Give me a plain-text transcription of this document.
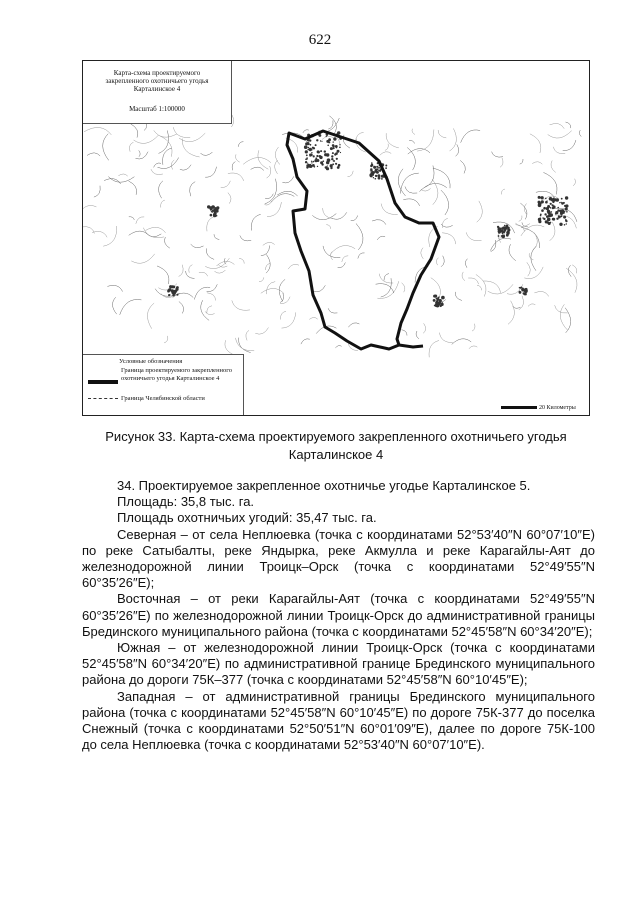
622
Карта-схема проектируемого
закрепленного охотничьего угодья
Карталинское 4
Масштаб 1:100000
Условные обозначения
Граница проектируемого закрепленного охотничьего угодья Карталинское 4
Граница Челябинской области
20 Километры
Рисунок 33. Карта-схема проектируемого закрепленного охотничьего угодья
Карталинское 4

34. Проектируемое закрепленное охотничье угодье Карталинское 5.

Площадь: 35,8 тыс. га.

Площадь охотничьих угодий: 35,47 тыс. га.

Северная – от села Неплюевка (точка с координатами 52°53′40″N 60°07′10″E) по реке Сатыбалты, реке Яндырка, реке Акмулла и реке Карагайлы-Аят до железнодорожной линии Троицк–Орск (точка с координатами 52°49′55″N 60°35′26″E);

Восточная – от реки Карагайлы-Аят (точка с координатами 52°49′55″N 60°35′26″E) по железнодорожной линии Троицк-Орск до административной границы Брединского муниципального района (точка с координатами 52°45′58″N 60°34′20″E);

Южная – от железнодорожной линии Троицк-Орск (точка с координатами 52°45′58″N 60°34′20″E) по административной границе Брединского муниципального района до дороги 75К–377 (точка с координатами 52°45′58″N 60°10′45″E);

Западная – от административной границы Брединского муниципального района (точка с координатами 52°45′58″N 60°10′45″E) по дороге 75К-377 до поселка Снежный (точка с координатами 52°50′51″N 60°01′09″E), далее по дороге 75К-100 до села Неплюевка (точка с координатами 52°53′40″N 60°07′10″E).
